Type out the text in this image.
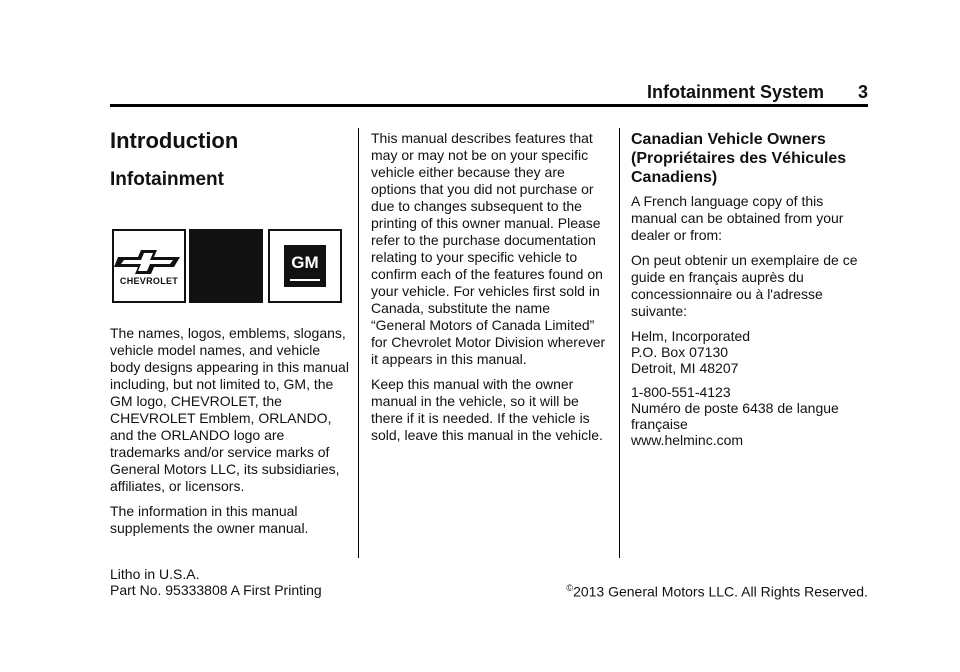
Infotainment System 3
Introduction
Infotainment
CHEVROLET
GM

The names, logos, emblems, slogans, vehicle model names, and vehicle body designs appearing in this manual including, but not limited to, GM, the GM logo, CHEVROLET, the CHEVROLET Emblem, ORLANDO, and the ORLANDO logo are trademarks and/or service marks of General Motors LLC, its subsidiaries, affiliates, or licensors.

The information in this manual supplements the owner manual.

This manual describes features that may or may not be on your specific vehicle either because they are options that you did not purchase or due to changes subsequent to the printing of this owner manual. Please refer to the purchase documentation relating to your specific vehicle to confirm each of the features found on your vehicle. For vehicles first sold in Canada, substitute the name “General Motors of Canada Limited” for Chevrolet Motor Division wherever it appears in this manual.

Keep this manual with the owner manual in the vehicle, so it will be there if it is needed. If the vehicle is sold, leave this manual in the vehicle.

Canadian Vehicle Owners (Propriétaires des Véhicules Canadiens)

A French language copy of this manual can be obtained from your dealer or from:

On peut obtenir un exemplaire de ce guide en français auprès du concessionnaire ou à l'adresse suivante:

Helm, Incorporated
P.O. Box 07130
Detroit, MI 48207
1-800-551-4123
Numéro de poste 6438 de langue française
www.helminc.com
Litho in U.S.A.
Part No. 95333808 A First Printing	©2013 General Motors LLC. All Rights Reserved.
